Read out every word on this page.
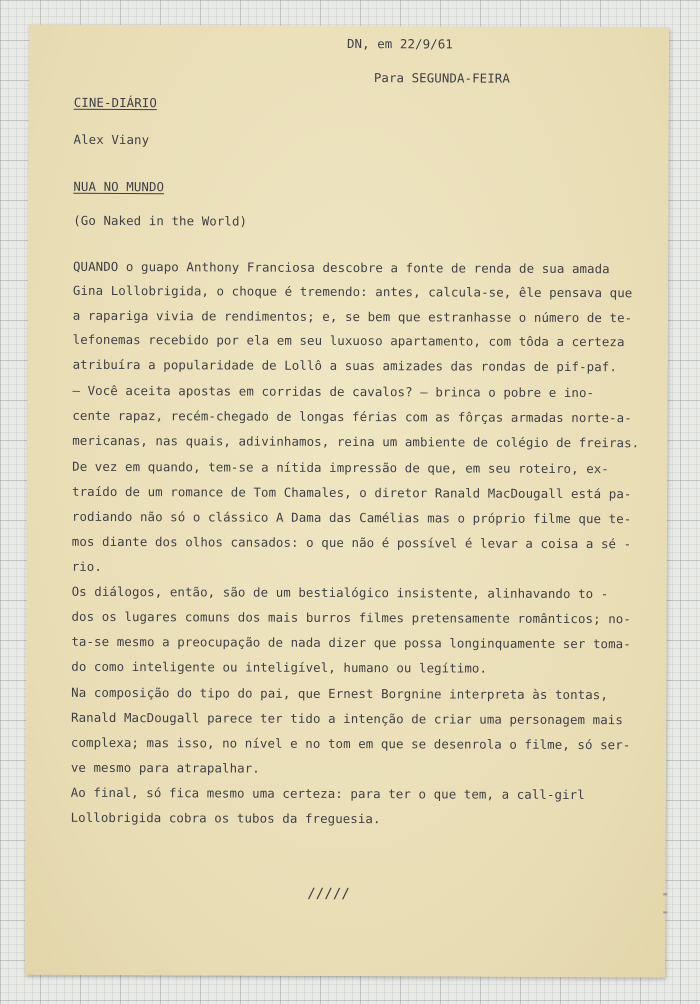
DN, em 22/9/61
Para SEGUNDA-FEIRA
CINE-DIÁRIO
Alex Viany
NUA NO MUNDO
(Go Naked in the World)
QUANDO o guapo Anthony Franciosa descobre a fonte de renda de sua amada
Gina Lollobrigida, o choque é tremendo: antes, calcula-se, êle pensava que
a rapariga vivia de rendimentos; e, se bem que estranhasse o número de te-
lefonemas recebido por ela em seu luxuoso apartamento, com tôda a certeza
atribuíra a popularidade de Lollô a suas amizades das rondas de pif-paf.
— Você aceita apostas em corridas de cavalos? — brinca o pobre e ino-
cente rapaz, recém-chegado de longas férias com as fôrças armadas norte-a-
mericanas, nas quais, adivinhamos, reina um ambiente de colégio de freiras.
De vez em quando, tem-se a nítida impressão de que, em seu roteiro, ex-
traído de um romance de Tom Chamales, o diretor Ranald MacDougall está pa-
rodiando não só o clássico A Dama das Camélias mas o próprio filme que te-
mos diante dos olhos cansados: o que não é possível é levar a coisa a sé -
rio.
Os diálogos, então, são de um bestialógico insistente, alinhavando to -
dos os lugares comuns dos mais burros filmes pretensamente românticos; no-
ta-se mesmo a preocupação de nada dizer que possa longinquamente ser toma-
do como inteligente ou inteligível, humano ou legítimo.
Na composição do tipo do pai, que Ernest Borgnine interpreta às tontas,
Ranald MacDougall parece ter tido a intenção de criar uma personagem mais
complexa; mas isso, no nível e no tom em que se desenrola o filme, só ser-
ve mesmo para atrapalhar.
Ao final, só fica mesmo uma certeza: para ter o que tem, a call-girl
Lollobrigida cobra os tubos da freguesia.
/////
